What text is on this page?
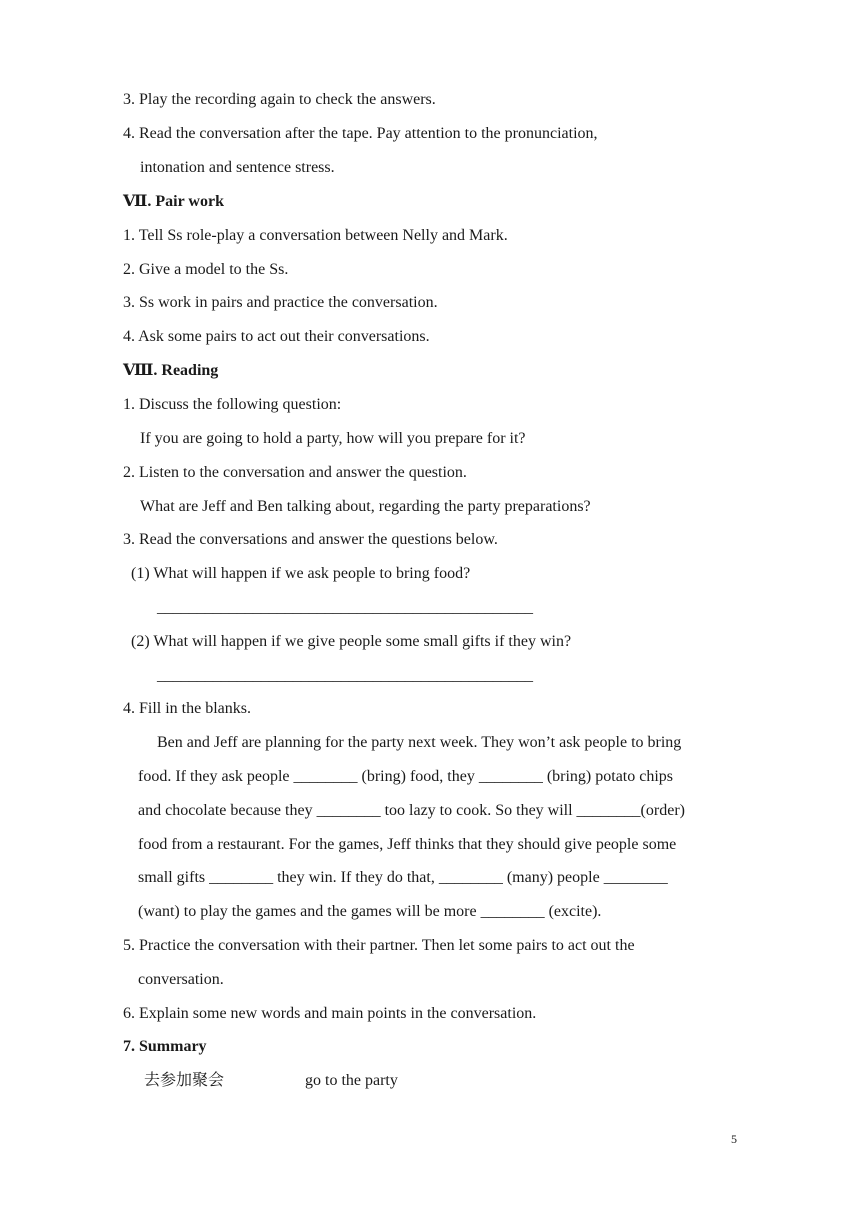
3. Play the recording again to check the answers.
4. Read the conversation after the tape. Pay attention to the pronunciation,
intonation and sentence stress.
Ⅶ. Pair work
1. Tell Ss role-play a conversation between Nelly and Mark.
2. Give a model to the Ss.
3. Ss work in pairs and practice the conversation.
4. Ask some pairs to act out their conversations.
Ⅷ. Reading
1. Discuss the following question:
If you are going to hold a party, how will you prepare for it?
2. Listen to the conversation and answer the question.
What are Jeff and Ben talking about, regarding the party preparations?
3. Read the conversations and answer the questions below.
(1) What will happen if we ask people to bring food?
_______________________________________________
(2) What will happen if we give people some small gifts if they win?
_______________________________________________
4. Fill in the blanks.
Ben and Jeff are planning for the party next week. They won’t ask people to bring
food. If they ask people ________ (bring) food, they ________ (bring) potato chips
and chocolate because they ________ too lazy to cook. So they will ________(order)
food from a restaurant. For the games, Jeff thinks that they should give people some
small gifts ________ they win. If they do that, ________ (many) people ________
(want) to play the games and the games will be more ________ (excite).
5. Practice the conversation with their partner. Then let some pairs to act out the
conversation.
6. Explain some new words and main points in the conversation.
7. Summary
去参加聚会	go to the party
5
